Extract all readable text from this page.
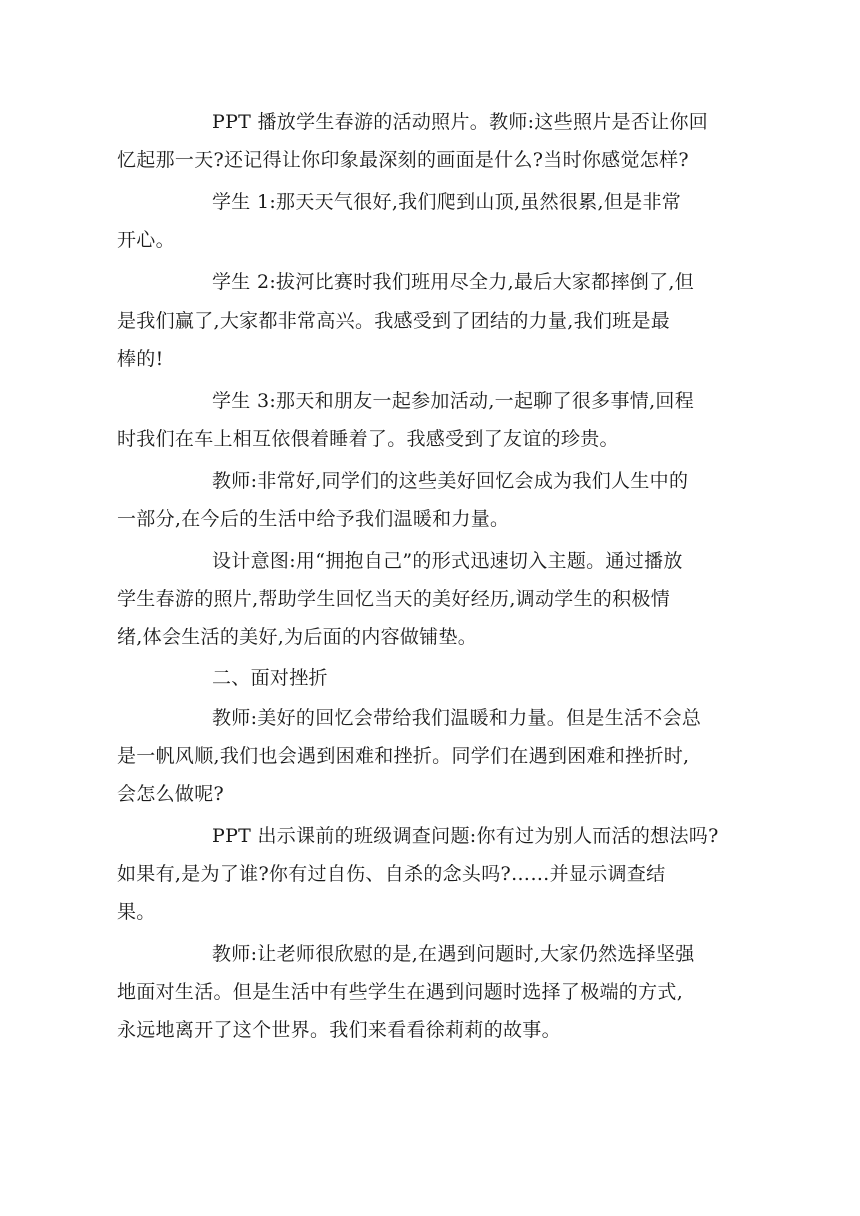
PPT 播放学生春游的活动照片。教师:这些照片是否让你回
忆起那一天?还记得让你印象最深刻的画面是什么?当时你感觉怎样?
学生 1:那天天气很好,我们爬到山顶,虽然很累,但是非常
开心。
学生 2:拔河比赛时我们班用尽全力,最后大家都摔倒了,但
是我们赢了,大家都非常高兴。我感受到了团结的力量,我们班是最
棒的!
学生 3:那天和朋友一起参加活动,一起聊了很多事情,回程
时我们在车上相互依偎着睡着了。我感受到了友谊的珍贵。
教师:非常好,同学们的这些美好回忆会成为我们人生中的
一部分,在今后的生活中给予我们温暖和力量。
设计意图:用“拥抱自己”的形式迅速切入主题。通过播放
学生春游的照片,帮助学生回忆当天的美好经历,调动学生的积极情
绪,体会生活的美好,为后面的内容做铺垫。
二、面对挫折
教师:美好的回忆会带给我们温暖和力量。但是生活不会总
是一帆风顺,我们也会遇到困难和挫折。同学们在遇到困难和挫折时,
会怎么做呢?
PPT 出示课前的班级调查问题:你有过为别人而活的想法吗?
如果有,是为了谁?你有过自伤、自杀的念头吗?……并显示调查结
果。
教师:让老师很欣慰的是,在遇到问题时,大家仍然选择坚强
地面对生活。但是生活中有些学生在遇到问题时选择了极端的方式,
永远地离开了这个世界。我们来看看徐莉莉的故事。
